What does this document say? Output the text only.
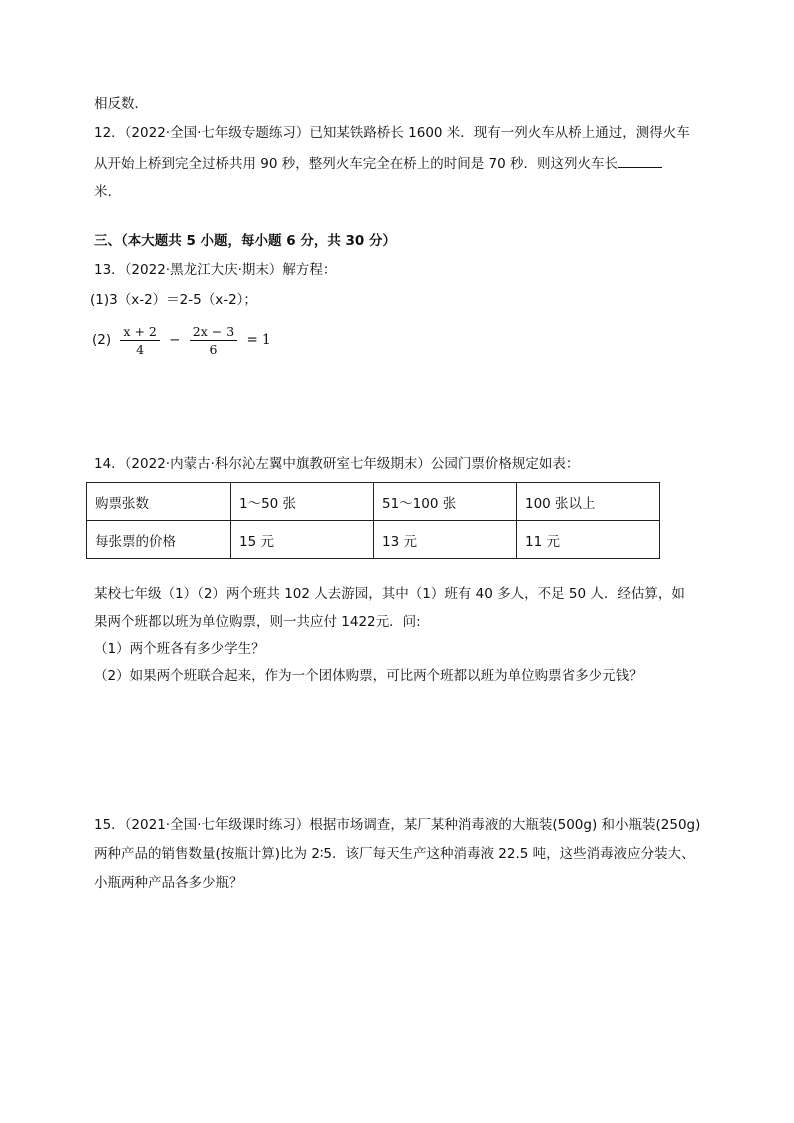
相反数．
12．（2022·全国·七年级专题练习）已知某铁路桥长 1600 米．现有一列火车从桥上通过，测得火车
从开始上桥到完全过桥共用 90 秒，整列火车完全在桥上的时间是 70 秒．则这列火车长
米．
三、（本大题共 5 小题，每小题 6 分，共 30 分）
13．（2022·黑龙江大庆·期末）解方程：
(1)3（x-2）＝2-5（x-2）；
$(2) \frac{x + 2}{4} - \frac{2x - 3}{6} = 1$
14．（2022·内蒙古·科尔沁左翼中旗教研室七年级期末）公园门票价格规定如表：
购票张数	1～50 张	51～100 张	100 张以上
每张票的价格	15 元	13 元	11 元
某校七年级（1）（2）两个班共 102 人去游园，其中（1）班有 40 多人，不足 50 人．经估算，如
果两个班都以班为单位购票，则一共应付 1422元．问:
（1）两个班各有多少学生？
（2）如果两个班联合起来，作为一个团体购票，可比两个班都以班为单位购票省多少元钱？
15．（2021·全国·七年级课时练习）根据市场调查，某厂某种消毒液的大瓶装(500g) 和小瓶装(250g)
两种产品的销售数量(按瓶计算)比为 2∶5．该厂每天生产这种消毒液 22.5 吨，这些消毒液应分装大、
小瓶两种产品各多少瓶？
